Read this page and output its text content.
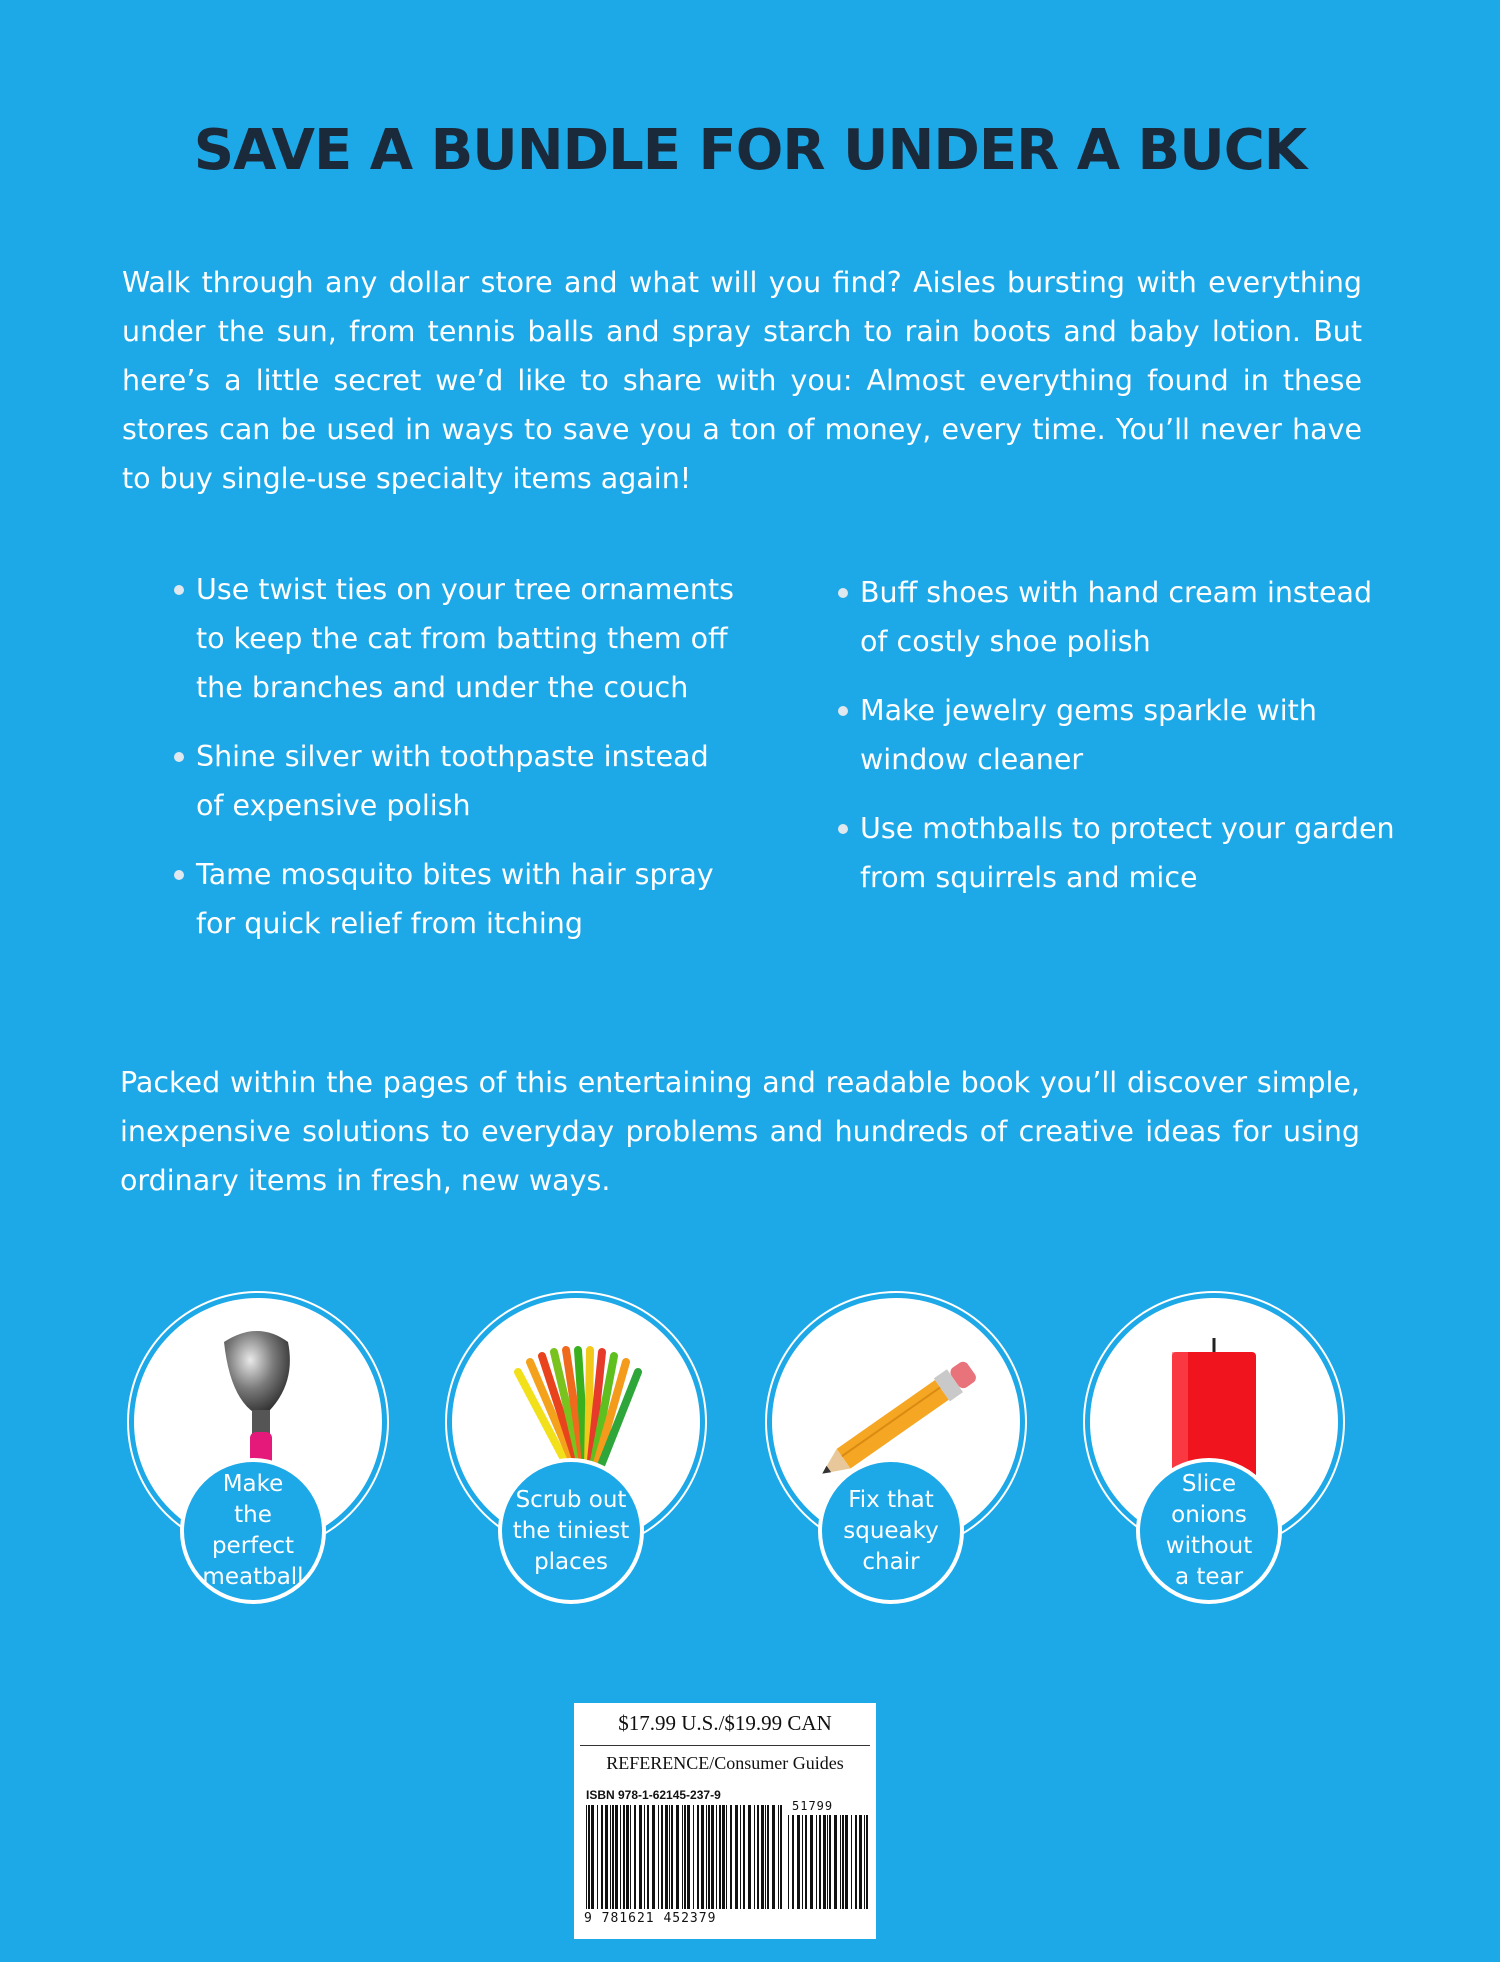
SAVE A BUNDLE FOR UNDER A BUCK

Walk through any dollar store and what will you find? Aisles bursting with everything under the sun, from tennis balls and spray starch to rain boots and baby lotion. But here’s a little secret we’d like to share with you: Almost everything found in these stores can be used in ways to save you a ton of money, every time. You’ll never have to buy single-use specialty items again!

Use twist ties on your tree ornaments to keep the cat from batting them off the branches and under the couch
Shine silver with toothpaste instead of expensive polish
Tame mosquito bites with hair spray for quick relief from itching
Buff shoes with hand cream instead of costly shoe polish
Make jewelry gems sparkle with window cleaner
Use mothballs to protect your garden from squirrels and mice

Packed within the pages of this entertaining and readable book you’ll discover simple, inexpensive solutions to everyday problems and hundreds of creative ideas for using ordinary items in fresh, new ways.

Make
the perfect
meatball
Scrub out
the tiniest
places
Fix that
squeaky
chair
Slice
onions
without
a tear
$17.99 U.S./$19.99 CAN
REFERENCE/Consumer Guides
ISBN 978-1-62145-237-9
51799
9 781621 452379
